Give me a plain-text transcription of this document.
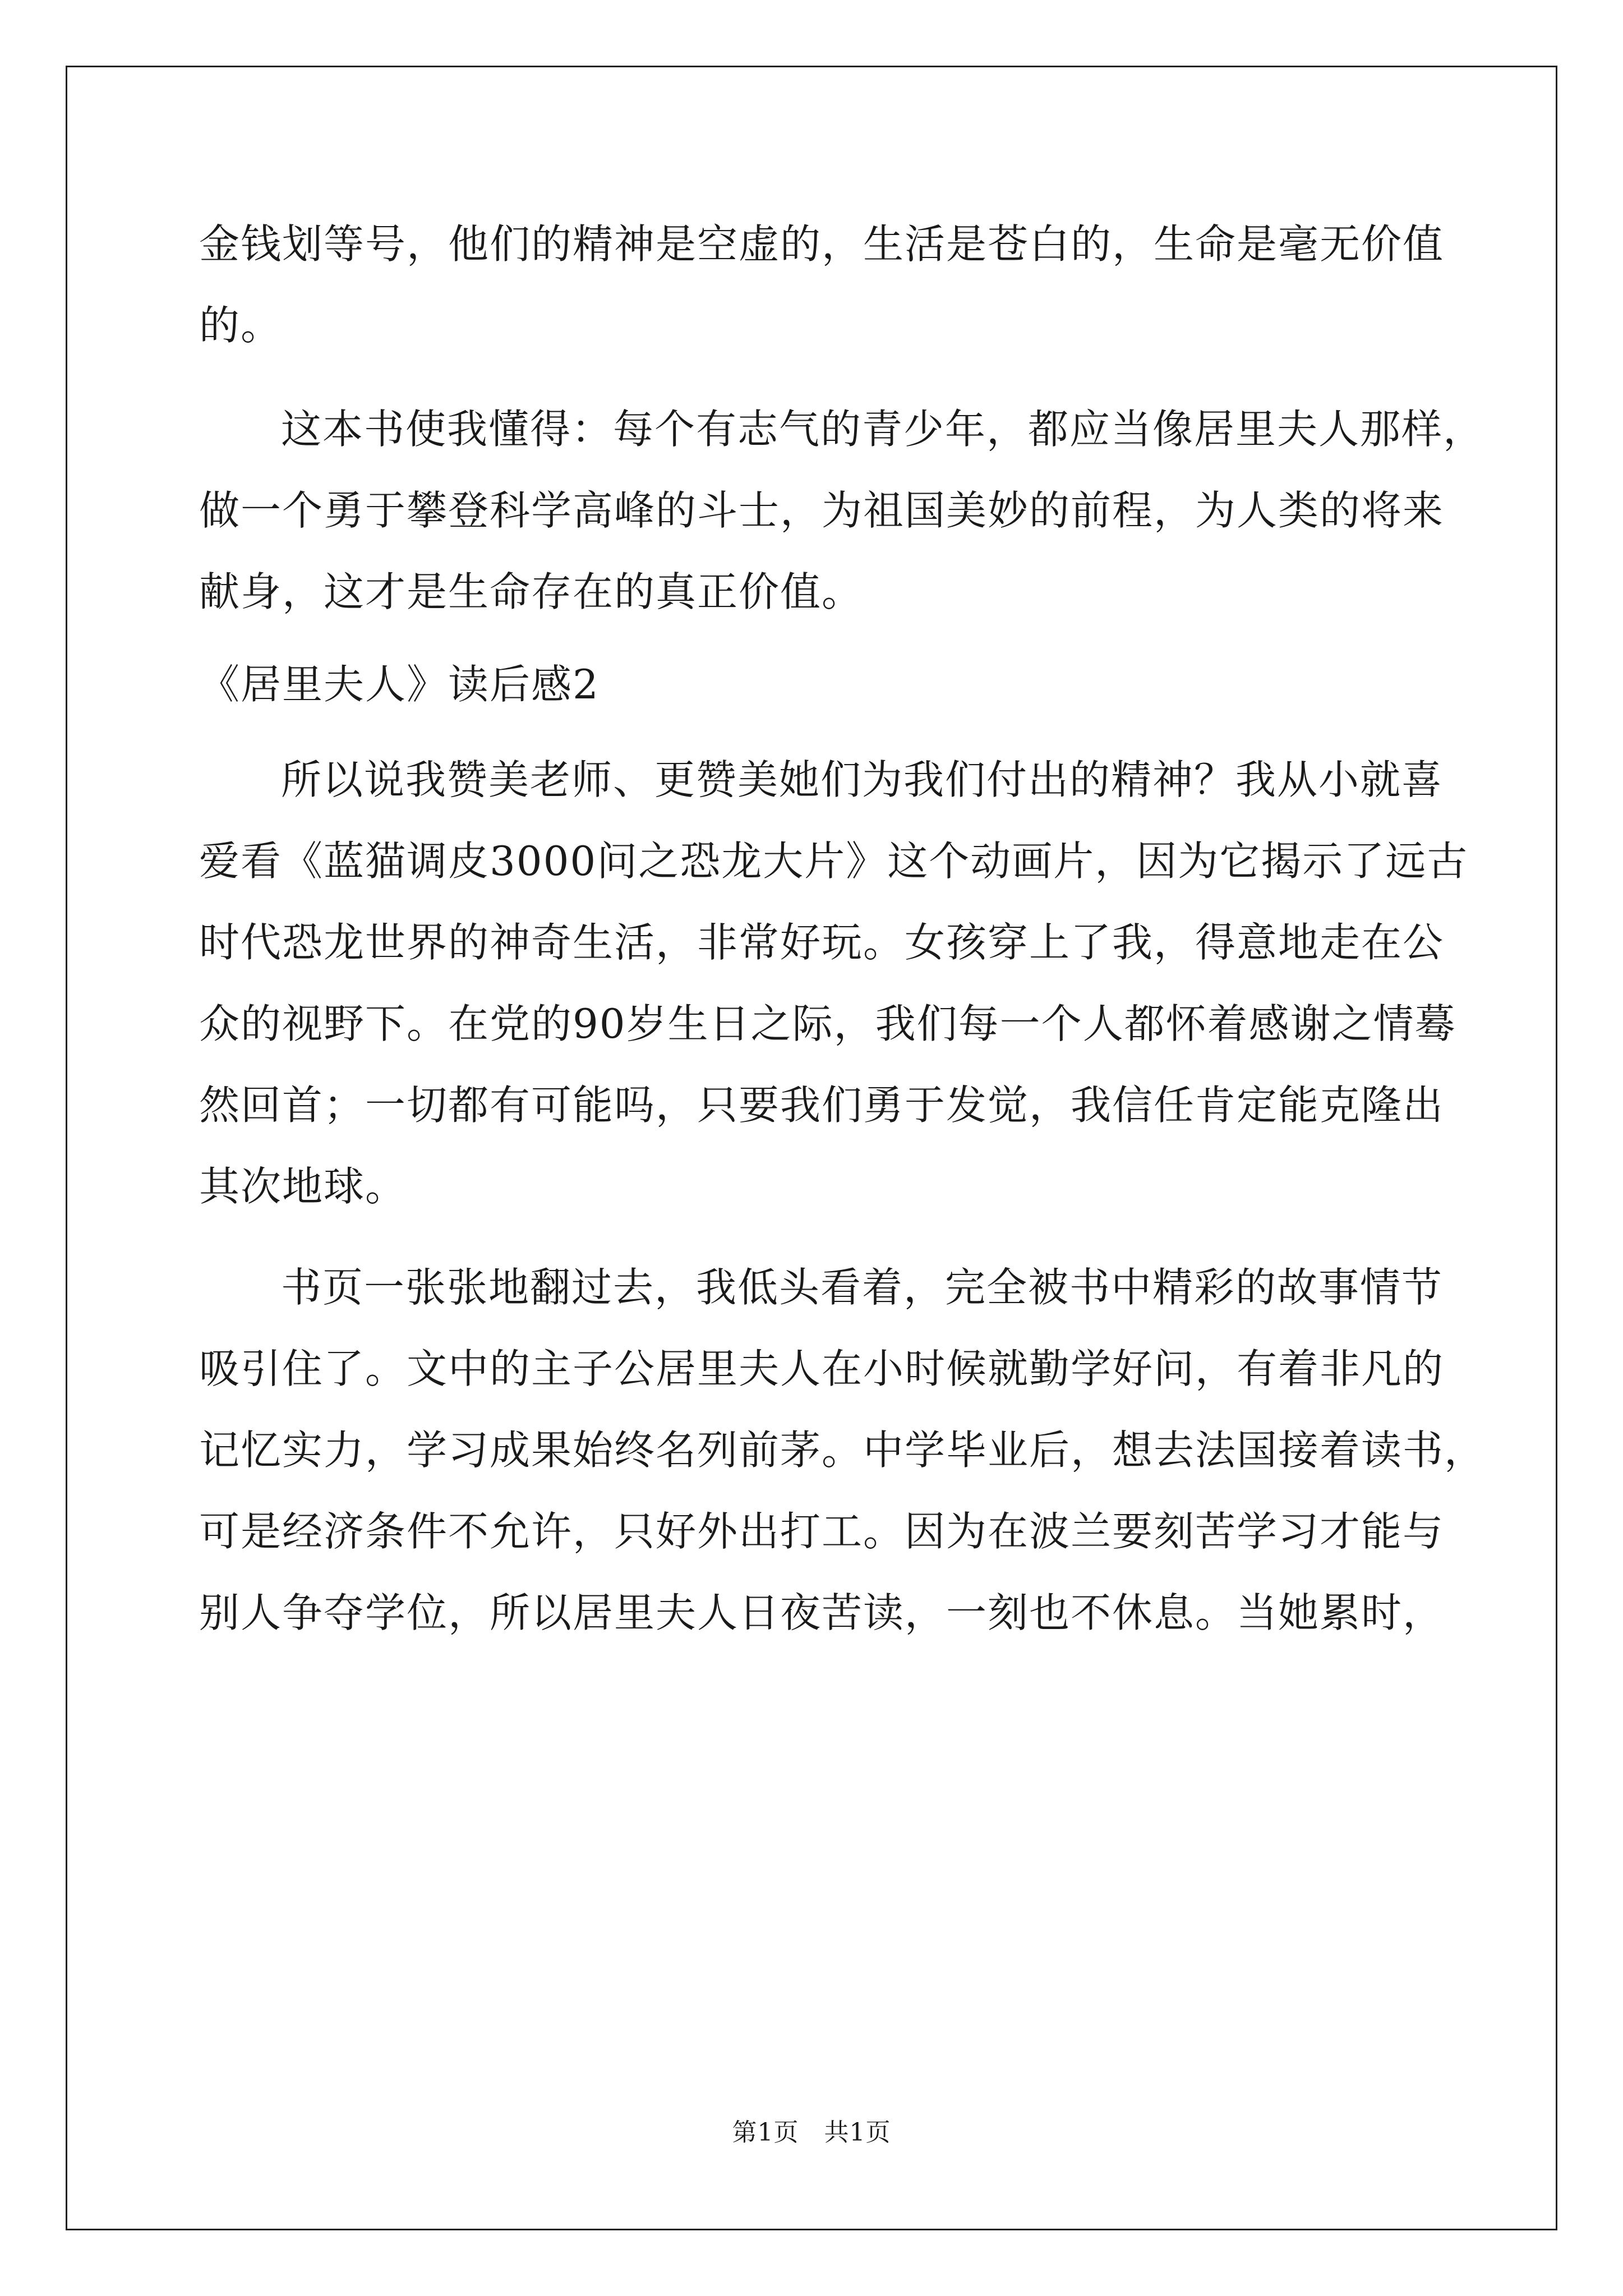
金钱划等号，他们的精神是空虚的，生活是苍白的，生命是毫无价值
的。
这本书使我懂得：每个有志气的青少年，都应当像居里夫人那样，
做一个勇于攀登科学高峰的斗士，为祖国美妙的前程，为人类的将来
献身，这才是生命存在的真正价值。
《居里夫人》读后感2
所以说我赞美老师、更赞美她们为我们付出的精神？我从小就喜
爱看《蓝猫调皮3000问之恐龙大片》这个动画片，因为它揭示了远古
时代恐龙世界的神奇生活，非常好玩。女孩穿上了我，得意地走在公
众的视野下。在党的90岁生日之际，我们每一个人都怀着感谢之情蓦
然回首；一切都有可能吗，只要我们勇于发觉，我信任肯定能克隆出
其次地球。
书页一张张地翻过去，我低头看着，完全被书中精彩的故事情节
吸引住了。文中的主子公居里夫人在小时候就勤学好问，有着非凡的
记忆实力，学习成果始终名列前茅。中学毕业后，想去法国接着读书，
可是经济条件不允许，只好外出打工。因为在波兰要刻苦学习才能与
别人争夺学位，所以居里夫人日夜苦读，一刻也不休息。当她累时，
第1页　共1页
